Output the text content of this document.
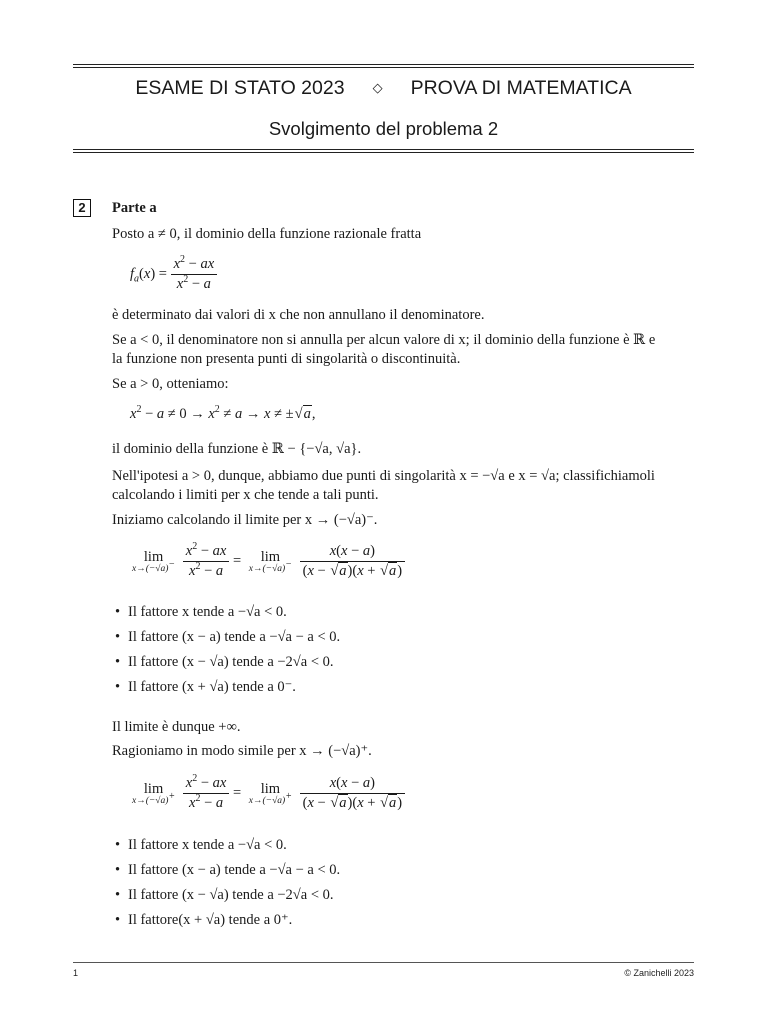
ESAME DI STATO 2023 ◇ PROVA DI MATEMATICA
Svolgimento del problema 2
2	Parte a
Posto a ≠ 0, il dominio della funzione razionale fratta
$f_a(x) = \frac{x^2 - ax}{x^2 - a}$
è determinato dai valori di x che non annullano il denominatore.
Se a < 0, il denominatore non si annulla per alcun valore di x; il dominio della funzione è ℝ e
la funzione non presenta punti di singolarità o discontinuità.
Se a > 0, otteniamo:
$x^2 - a \ne 0 \to x^2 \ne a \to x \ne \pm√a$,
il dominio della funzione è ℝ − {−√a, √a}.
Nell'ipotesi a > 0, dunque, abbiamo due punti di singolarità x = −√a e x = √a; classifichiamoli
calcolando i limiti per x che tende a tali punti.
Iniziamo calcolando il limite per x → (−√a)⁻.
lim
x→(−√a)−
$\frac{x^2 - ax}{x^2 - a}$ =	lim
x→(−√a)−
$\frac{x(x - a)}{(x - √a)(x + √a)}$
• Il fattore x tende a −√a < 0.
• Il fattore (x − a) tende a −√a − a < 0.
• Il fattore (x − √a) tende a −2√a < 0.
• Il fattore (x + √a) tende a 0⁻.
Il limite è dunque +∞.
Ragioniamo in modo simile per x → (−√a)⁺.
lim
x→(−√a)+
$\frac{x^2 - ax}{x^2 - a}$ =	lim
x→(−√a)+
$\frac{x(x - a)}{(x - √a)(x + √a)}$
• Il fattore x tende a −√a < 0.
• Il fattore (x − a) tende a −√a − a < 0.
• Il fattore (x − √a) tende a −2√a < 0.
• Il fattore(x + √a) tende a 0⁺.
1	© Zanichelli 2023
